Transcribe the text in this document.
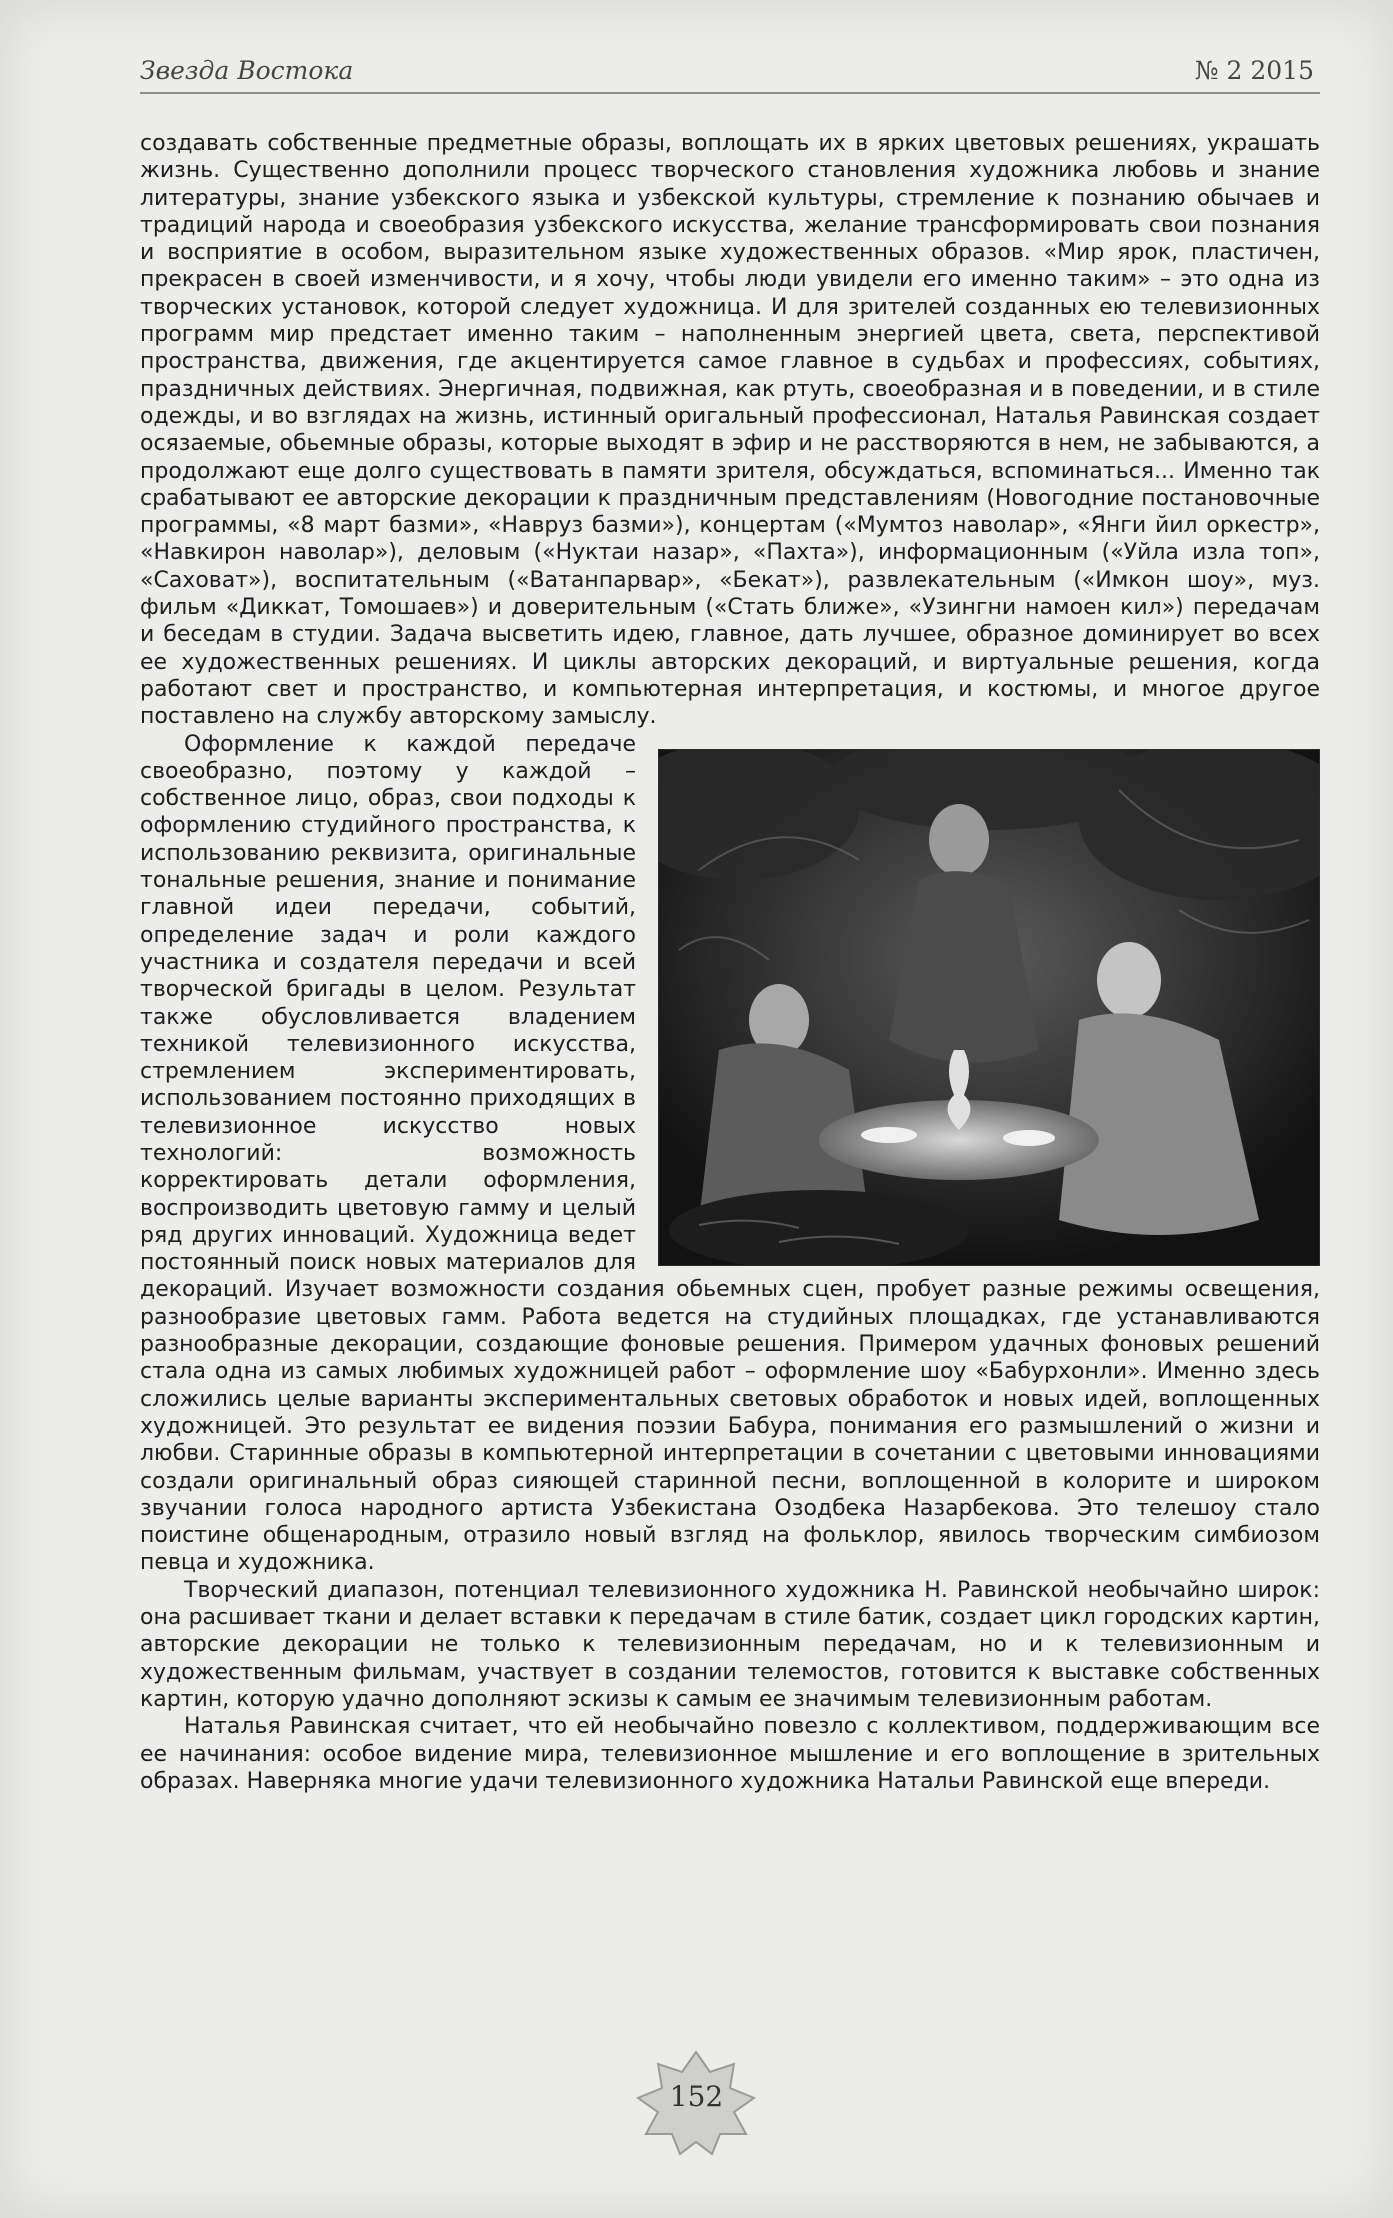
Звезда Востока	№ 2 2015

создавать собственные предметные образы, воплощать их в ярких цветовых решениях, украшать жизнь. Существенно дополнили процесс творческого становления художника любовь и знание литературы, знание узбекского языка и узбекской культуры, стремление к познанию обычаев и традиций народа и своеобразия узбекского искусства, желание трансформировать свои познания и восприятие в особом, выразительном языке художественных образов. «Мир ярок, пластичен, прекрасен в своей изменчивости, и я хочу, чтобы люди увидели его именно таким» – это одна из творческих установок, которой следует художница. И для зрителей созданных ею телевизионных программ мир предстает именно таким – наполненным энергией цвета, света, перспективой пространства, движения, где акцентируется самое главное в судьбах и профессиях, событиях, праздничных действиях. Энергичная, подвижная, как ртуть, своеобразная и в поведении, и в стиле одежды, и во взглядах на жизнь, истинный оригальный профессионал, Наталья Равинская создает осязаемые, обьемные образы, которые выходят в эфир и не расстворяются в нем, не забываются, а продолжают еще долго существовать в памяти зрителя, обсуждаться, вспоминаться... Именно так срабатывают ее авторские декорации к праздничным представлениям (Новогодние постановочные программы, «8 март базми», «Навруз базми»), концертам («Мумтоз наволар», «Янги йил оркестр», «Навкирон наволар»), деловым («Нуктаи назар», «Пахта»), информационным («Уйла изла топ», «Саховат»), воспитательным («Ватанпарвар», «Бекат»), развлекательным («Имкон шоу», муз. фильм «Диккат, Томошаев») и доверительным («Стать ближе», «Узингни намоен кил») передачам и беседам в студии. Задача высветить идею, главное, дать лучшее, образное доминирует во всех ее художественных решениях. И циклы авторских декораций, и виртуальные решения, когда работают свет и пространство, и компьютерная интерпретация, и костюмы, и многое другое поставлено на службу авторскому замыслу.

Оформление к каждой передаче своеобразно, поэтому у каждой – собственное лицо, образ, свои подходы к оформлению студийного пространства, к использованию реквизита, оригинальные тональные решения, знание и понимание главной идеи передачи, событий, определение задач и роли каждого участника и создателя передачи и всей творческой бригады в целом. Результат также обусловливается владением техникой телевизионного искусства, стремлением экспериментировать, использованием постоянно приходящих в телевизионное искусство новых технологий: возможность корректировать детали оформления, воспроизводить цветовую гамму и целый ряд других инноваций. Художница ведет постоянный поиск новых материалов для декораций. Изучает возможности создания обьемных сцен, пробует разные режимы освещения, разнообразие цветовых гамм. Работа ведется на студийных площадках, где устанавливаются разнообразные декорации, создающие фоновые решения. Примером удачных фоновых решений стала одна из самых любимых художницей работ – оформление шоу «Бабурхонли». Именно здесь сложились целые варианты экспериментальных световых обработок и новых идей, воплощенных художницей. Это результат ее видения поэзии Бабура, понимания его размышлений о жизни и любви. Старинные образы в компьютерной интерпретации в сочетании с цветовыми инновациями создали оригинальный образ сияющей старинной песни, воплощенной в колорите и широком звучании голоса народного артиста Узбекистана Озодбека Назарбекова. Это телешоу стало поистине общенародным, отразило новый взгляд на фольклор, явилось творческим симбиозом певца и художника.

Творческий диапазон, потенциал телевизионного художника Н. Равинской необычайно широк: она расшивает ткани и делает вставки к передачам в стиле батик, создает цикл городских картин, авторские декорации не только к телевизионным передачам, но и к телевизионным и художественным фильмам, участвует в создании телемостов, готовится к выставке собственных картин, которую удачно дополняют эскизы к самым ее значимым телевизионным работам.

Наталья Равинская считает, что ей необычайно повезло с коллективом, поддерживающим все ее начинания: особое видение мира, телевизионное мышление и его воплощение в зрительных образах. Наверняка многие удачи телевизионного художника Натальи Равинской еще впереди.

152
